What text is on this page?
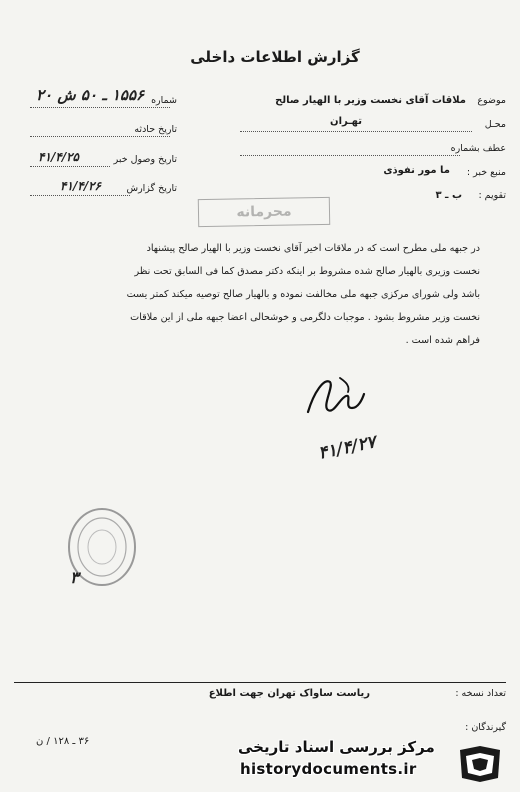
گزارش اطلاعات داخلی
موضوع
ملاقات آقای نخست وزیر با الهیار صالح
محـل
تهـران
عطف بشماره
منبع خبر :
ما مور نفوذی
تقویم :
ب ـ ۳
شماره
۱۵۵۶ ـ ۵۰ ش ۲۰
تاریخ حادثه
تاریخ وصول خبر
۴۱/۴/۲۵
تاریخ گزارش
۴۱/۴/۲۶
محرمانه
در جبهه ملی مطرح است که در ملاقات اخیر آقای نخست وزیر با الهیار صالح پیشنهاد
نخست وزیری بالهیار صالح شده مشروط بر اینکه دکتر مصدق کما فی السابق تحت نظر
باشد ولی شورای مرکزی جبهه ملی مخالفت نموده و بالهیار صالح توصیه میکند کمتر یست
نخست وزیر مشروط بشود . موجبات دلگرمی و خوشحالی اعضا جبهه ملی از این ملاقات
فراهم شده است .
۴۱/۴/۲۷
۳
تعداد نسخه :
ریاست ساواک تهران جهت اطلاع
گیرندگان :
۳۶ ـ ۱۲۸ / ن	مرکز بررسی اسناد تاریخی
historydocuments.ir
